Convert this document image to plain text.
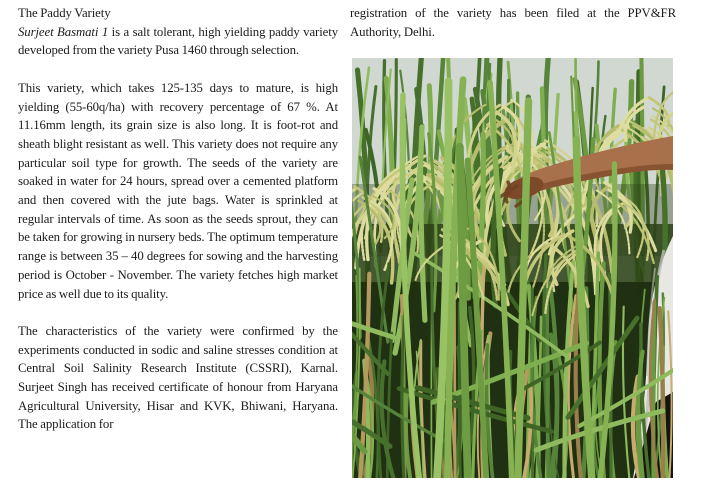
The Paddy Variety

Surjeet Basmati 1 is a salt tolerant, high yielding paddy variety developed from the variety Pusa 1460 through selection.

This variety, which takes 125-135 days to mature, is high yielding (55-60q/ha) with recovery percentage of 67 %. At 11.16mm length, its grain size is also long. It is foot-rot and sheath blight resistant as well. This variety does not require any particular soil type for growth. The seeds of the variety are soaked in water for 24 hours, spread over a cemented platform and then covered with the jute bags. Water is sprinkled at regular intervals of time. As soon as the seeds sprout, they can be taken for growing in nursery beds. The optimum temperature range is between 35 – 40 degrees for sowing and the harvesting period is October - November. The variety fetches high market price as well due to its quality.

The characteristics of the variety were confirmed by the experiments conducted in sodic and saline stresses condition at Central Soil Salinity Research Institute (CSSRI), Karnal. Surjeet Singh has received certificate of honour from Haryana Agricultural University, Hisar and KVK, Bhiwani, Haryana. The application for

registration of the variety has been filed at the PPV&FR Authority, Delhi.
